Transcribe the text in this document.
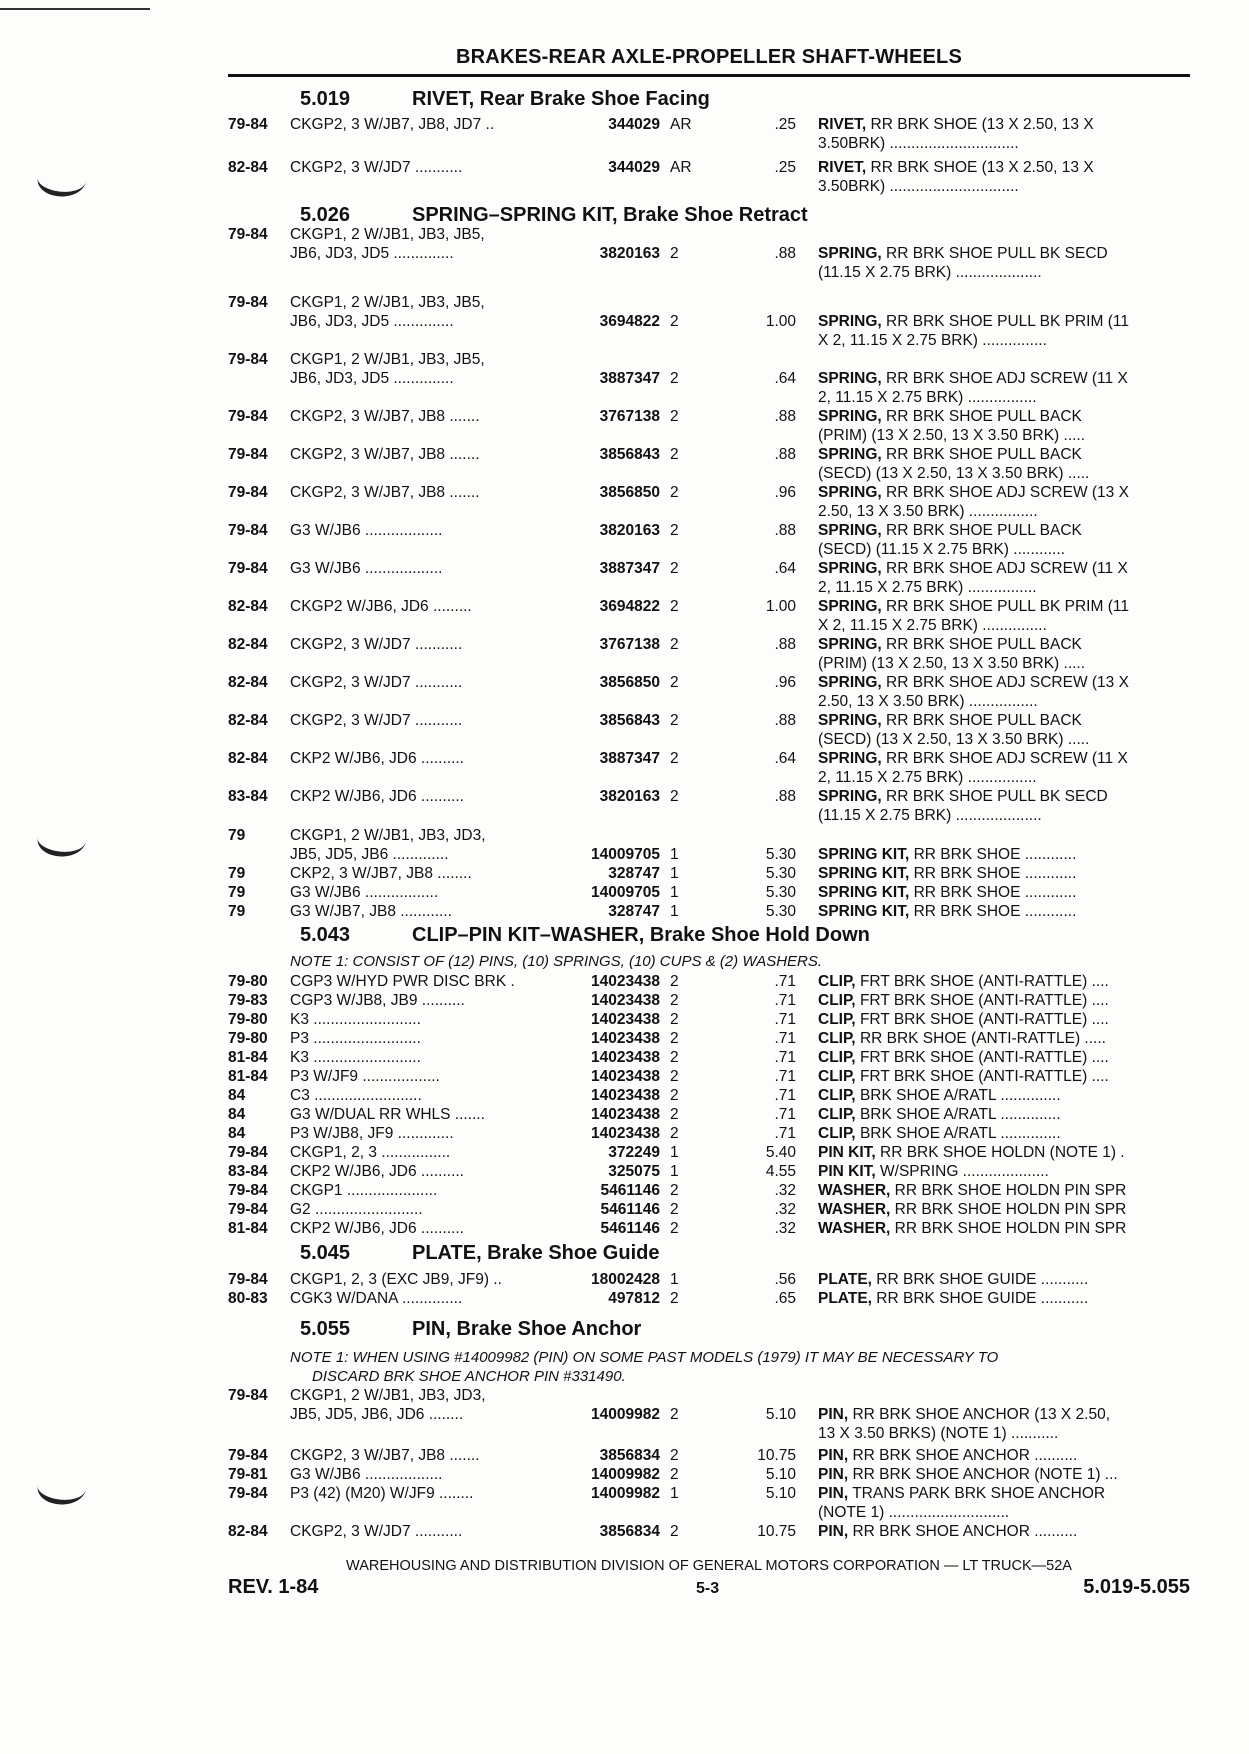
BRAKES-REAR AXLE-PROPELLER SHAFT-WHEELS
5.019	RIVET, Rear Brake Shoe Facing
5.026	SPRING–SPRING KIT, Brake Shoe Retract
5.043	CLIP–PIN KIT–WASHER, Brake Shoe Hold Down
5.045	PLATE, Brake Shoe Guide
5.055	PIN, Brake Shoe Anchor
NOTE 1: CONSIST OF (12) PINS, (10) SPRINGS, (10) CUPS & (2) WASHERS.
NOTE 1: WHEN USING #14009982 (PIN) ON SOME PAST MODELS (1979) IT MAY BE NECESSARY TO
DISCARD BRK SHOE ANCHOR PIN #331490.
79-84 CKGP2, 3 W/JB7, JB8, JD7 ..	344029 AR	.25 RIVET, RR BRK SHOE (13 X 2.50, 13 X
3.50BRK) ..............................
82-84 CKGP2, 3 W/JD7 ...........	344029 AR	.25 RIVET, RR BRK SHOE (13 X 2.50, 13 X
3.50BRK) ..............................
79-84 CKGP1, 2 W/JB1, JB3, JB5,
JB6, JD3, JD5 ..............	3820163 2	.88 SPRING, RR BRK SHOE PULL BK SECD
(11.15 X 2.75 BRK) ....................
79-84 CKGP1, 2 W/JB1, JB3, JB5,
JB6, JD3, JD5 ..............	3694822 2	1.00 SPRING, RR BRK SHOE PULL BK PRIM (11
X 2, 11.15 X 2.75 BRK) ...............
79-84 CKGP1, 2 W/JB1, JB3, JB5,
JB6, JD3, JD5 ..............	3887347 2	.64 SPRING, RR BRK SHOE ADJ SCREW (11 X
2, 11.15 X 2.75 BRK) ................
79-84 CKGP2, 3 W/JB7, JB8 .......	3767138 2	.88 SPRING, RR BRK SHOE PULL BACK
(PRIM) (13 X 2.50, 13 X 3.50 BRK) .....
79-84 CKGP2, 3 W/JB7, JB8 .......	3856843 2	.88 SPRING, RR BRK SHOE PULL BACK
(SECD) (13 X 2.50, 13 X 3.50 BRK) .....
79-84 CKGP2, 3 W/JB7, JB8 .......	3856850 2	.96 SPRING, RR BRK SHOE ADJ SCREW (13 X
2.50, 13 X 3.50 BRK) ................
79-84 G3 W/JB6 ..................	3820163 2	.88 SPRING, RR BRK SHOE PULL BACK
(SECD) (11.15 X 2.75 BRK) ............
79-84 G3 W/JB6 ..................	3887347 2	.64 SPRING, RR BRK SHOE ADJ SCREW (11 X
2, 11.15 X 2.75 BRK) ................
82-84 CKGP2 W/JB6, JD6 .........	3694822 2	1.00 SPRING, RR BRK SHOE PULL BK PRIM (11
X 2, 11.15 X 2.75 BRK) ...............
82-84 CKGP2, 3 W/JD7 ...........	3767138 2	.88 SPRING, RR BRK SHOE PULL BACK
(PRIM) (13 X 2.50, 13 X 3.50 BRK) .....
82-84 CKGP2, 3 W/JD7 ...........	3856850 2	.96 SPRING, RR BRK SHOE ADJ SCREW (13 X
2.50, 13 X 3.50 BRK) ................
82-84 CKGP2, 3 W/JD7 ...........	3856843 2	.88 SPRING, RR BRK SHOE PULL BACK
(SECD) (13 X 2.50, 13 X 3.50 BRK) .....
82-84 CKP2 W/JB6, JD6 ..........	3887347 2	.64 SPRING, RR BRK SHOE ADJ SCREW (11 X
2, 11.15 X 2.75 BRK) ................
83-84 CKP2 W/JB6, JD6 ..........	3820163 2	.88 SPRING, RR BRK SHOE PULL BK SECD
(11.15 X 2.75 BRK) ....................
79	CKGP1, 2 W/JB1, JB3, JD3,
JB5, JD5, JB6 .............	14009705 1	5.30 SPRING KIT, RR BRK SHOE ............
79	CKP2, 3 W/JB7, JB8 ........	328747 1	5.30 SPRING KIT, RR BRK SHOE ............
79	G3 W/JB6 .................	14009705 1	5.30 SPRING KIT, RR BRK SHOE ............
79	G3 W/JB7, JB8 ............	328747 1	5.30 SPRING KIT, RR BRK SHOE ............
79-80 CGP3 W/HYD PWR DISC BRK .	14023438 2	.71 CLIP, FRT BRK SHOE (ANTI-RATTLE) ....
79-83 CGP3 W/JB8, JB9 ..........	14023438 2	.71 CLIP, FRT BRK SHOE (ANTI-RATTLE) ....
79-80 K3 .........................	14023438 2	.71 CLIP, FRT BRK SHOE (ANTI-RATTLE) ....
79-80 P3 .........................	14023438 2	.71 CLIP, RR BRK SHOE (ANTI-RATTLE) .....
81-84 K3 .........................	14023438 2	.71 CLIP, FRT BRK SHOE (ANTI-RATTLE) ....
81-84 P3 W/JF9 ..................	14023438 2	.71 CLIP, FRT BRK SHOE (ANTI-RATTLE) ....
84	C3 .........................	14023438 2	.71 CLIP, BRK SHOE A/RATL ..............
84	G3 W/DUAL RR WHLS .......	14023438 2	.71 CLIP, BRK SHOE A/RATL ..............
84	P3 W/JB8, JF9 .............	14023438 2	.71 CLIP, BRK SHOE A/RATL ..............
79-84 CKGP1, 2, 3 ................	372249 1	5.40 PIN KIT, RR BRK SHOE HOLDN (NOTE 1) .
83-84 CKP2 W/JB6, JD6 ..........	325075 1	4.55 PIN KIT, W/SPRING ....................
79-84 CKGP1 .....................	5461146 2	.32 WASHER, RR BRK SHOE HOLDN PIN SPR
79-84 G2 .........................	5461146 2	.32 WASHER, RR BRK SHOE HOLDN PIN SPR
81-84 CKP2 W/JB6, JD6 ..........	5461146 2	.32 WASHER, RR BRK SHOE HOLDN PIN SPR
79-84 CKGP1, 2, 3 (EXC JB9, JF9) ..	18002428 1	.56 PLATE, RR BRK SHOE GUIDE ...........
80-83 CGK3 W/DANA ..............	497812 2	.65 PLATE, RR BRK SHOE GUIDE ...........
79-84 CKGP1, 2 W/JB1, JB3, JD3,
JB5, JD5, JB6, JD6 ........	14009982 2	5.10 PIN, RR BRK SHOE ANCHOR (13 X 2.50,
13 X 3.50 BRKS) (NOTE 1) ...........
79-84 CKGP2, 3 W/JB7, JB8 .......	3856834 2	10.75 PIN, RR BRK SHOE ANCHOR ..........
79-81 G3 W/JB6 ..................	14009982 2	5.10 PIN, RR BRK SHOE ANCHOR (NOTE 1) ...
79-84 P3 (42) (M20) W/JF9 ........	14009982 1	5.10 PIN, TRANS PARK BRK SHOE ANCHOR
(NOTE 1) ............................
82-84 CKGP2, 3 W/JD7 ...........	3856834 2	10.75 PIN, RR BRK SHOE ANCHOR ..........
WAREHOUSING AND DISTRIBUTION DIVISION OF GENERAL MOTORS CORPORATION — LT TRUCK—52A
REV. 1-84	5-3	5.019-5.055
